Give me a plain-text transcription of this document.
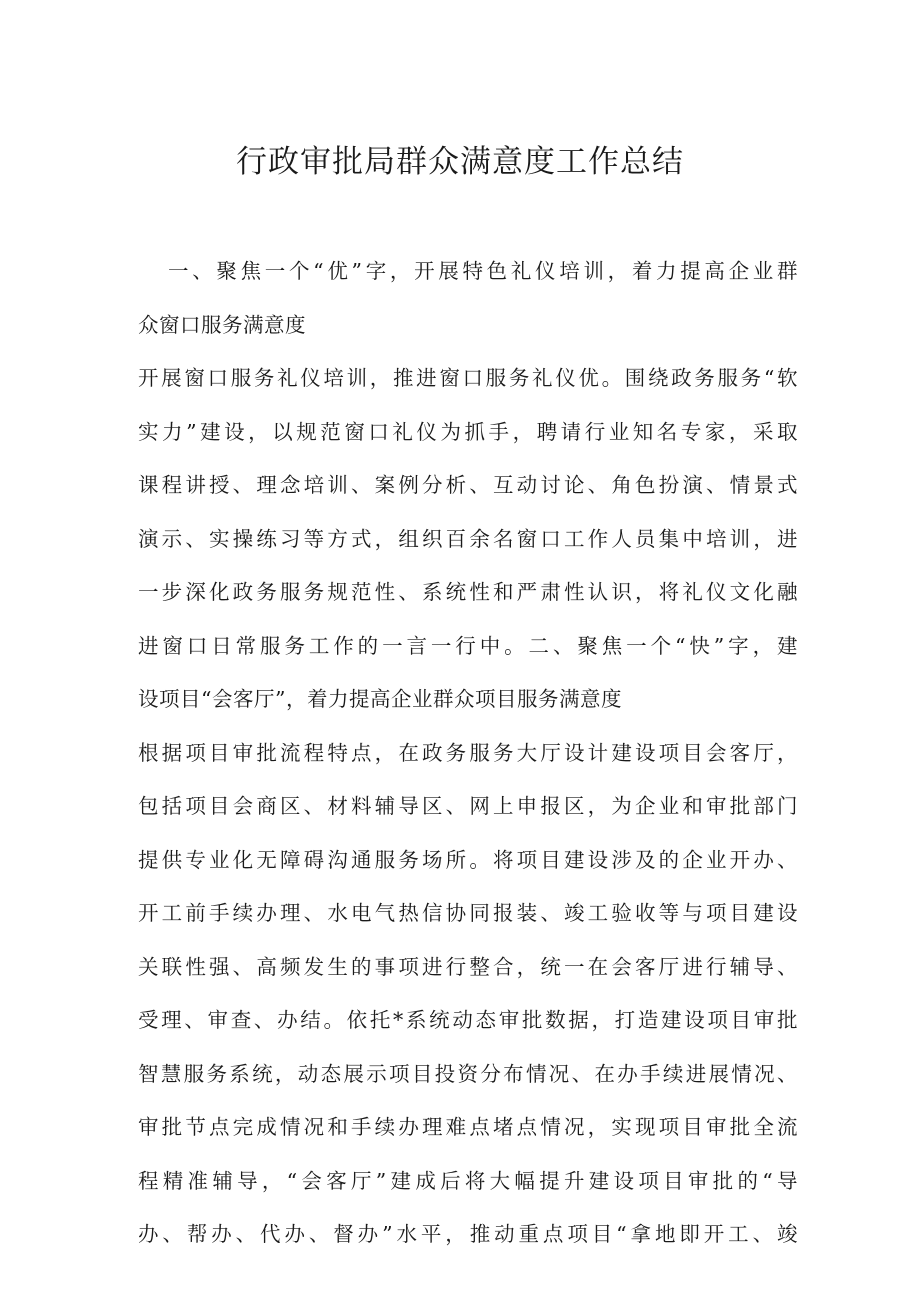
行政审批局群众满意度工作总结
一、聚焦一个“优”字，开展特色礼仪培训，着力提高企业群
众窗口服务满意度
开展窗口服务礼仪培训，推进窗口服务礼仪优。围绕政务服务“软
实力”建设，以规范窗口礼仪为抓手，聘请行业知名专家，采取
课程讲授、理念培训、案例分析、互动讨论、角色扮演、情景式
演示、实操练习等方式，组织百余名窗口工作人员集中培训，进
一步深化政务服务规范性、系统性和严肃性认识，将礼仪文化融
进窗口日常服务工作的一言一行中。二、聚焦一个“快”字，建
设项目“会客厅”，着力提高企业群众项目服务满意度
根据项目审批流程特点，在政务服务大厅设计建设项目会客厅，
包括项目会商区、材料辅导区、网上申报区，为企业和审批部门
提供专业化无障碍沟通服务场所。将项目建设涉及的企业开办、
开工前手续办理、水电气热信协同报装、竣工验收等与项目建设
关联性强、高频发生的事项进行整合，统一在会客厅进行辅导、
受理、审查、办结。依托*系统动态审批数据，打造建设项目审批
智慧服务系统，动态展示项目投资分布情况、在办手续进展情况、
审批节点完成情况和手续办理难点堵点情况，实现项目审批全流
程精准辅导，“会客厅”建成后将大幅提升建设项目审批的“导
办、帮办、代办、督办”水平，推动重点项目“拿地即开工、竣
